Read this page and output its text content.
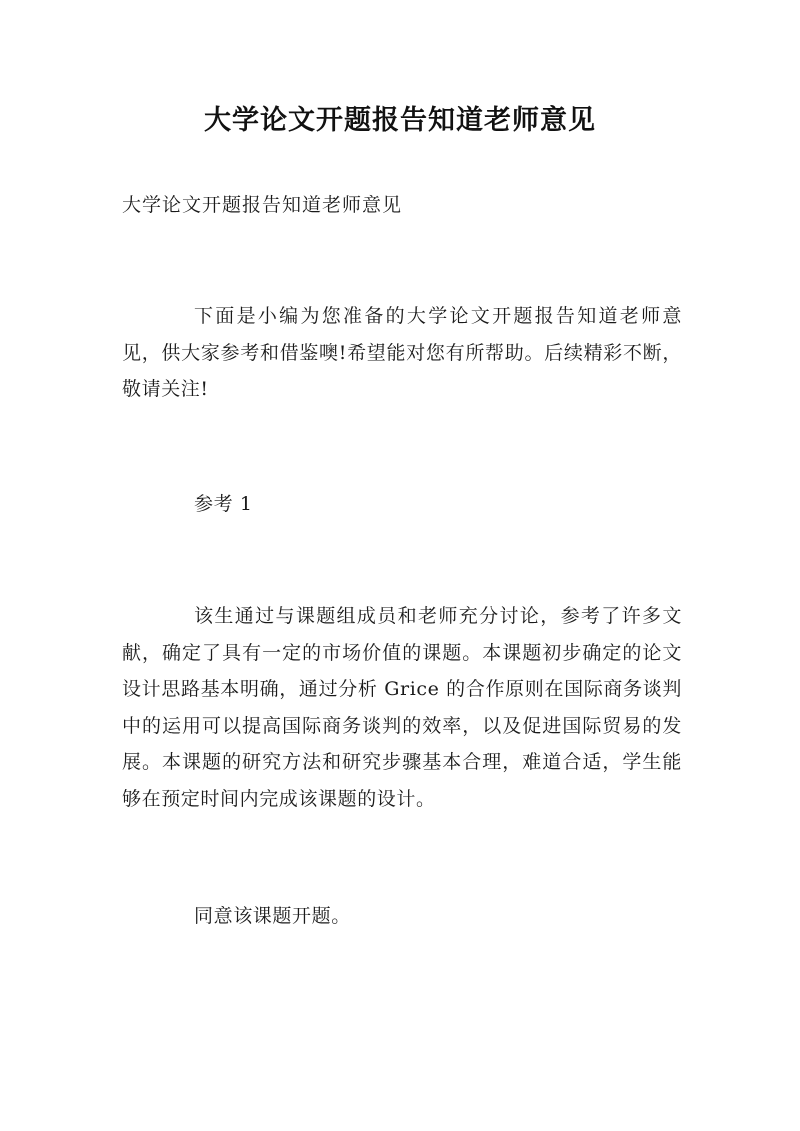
大学论文开题报告知道老师意见

大学论文开题报告知道老师意见

下面是小编为您准备的大学论文开题报告知道老师意见，供大家参考和借鉴噢!希望能对您有所帮助。后续精彩不断，敬请关注!

参考 1

该生通过与课题组成员和老师充分讨论，参考了许多文献，确定了具有一定的市场价值的课题。本课题初步确定的论文设计思路基本明确，通过分析 Grice 的合作原则在国际商务谈判中的运用可以提高国际商务谈判的效率，以及促进国际贸易的发展。本课题的研究方法和研究步骤基本合理，难道合适，学生能够在预定时间内完成该课题的设计。

同意该课题开题。
